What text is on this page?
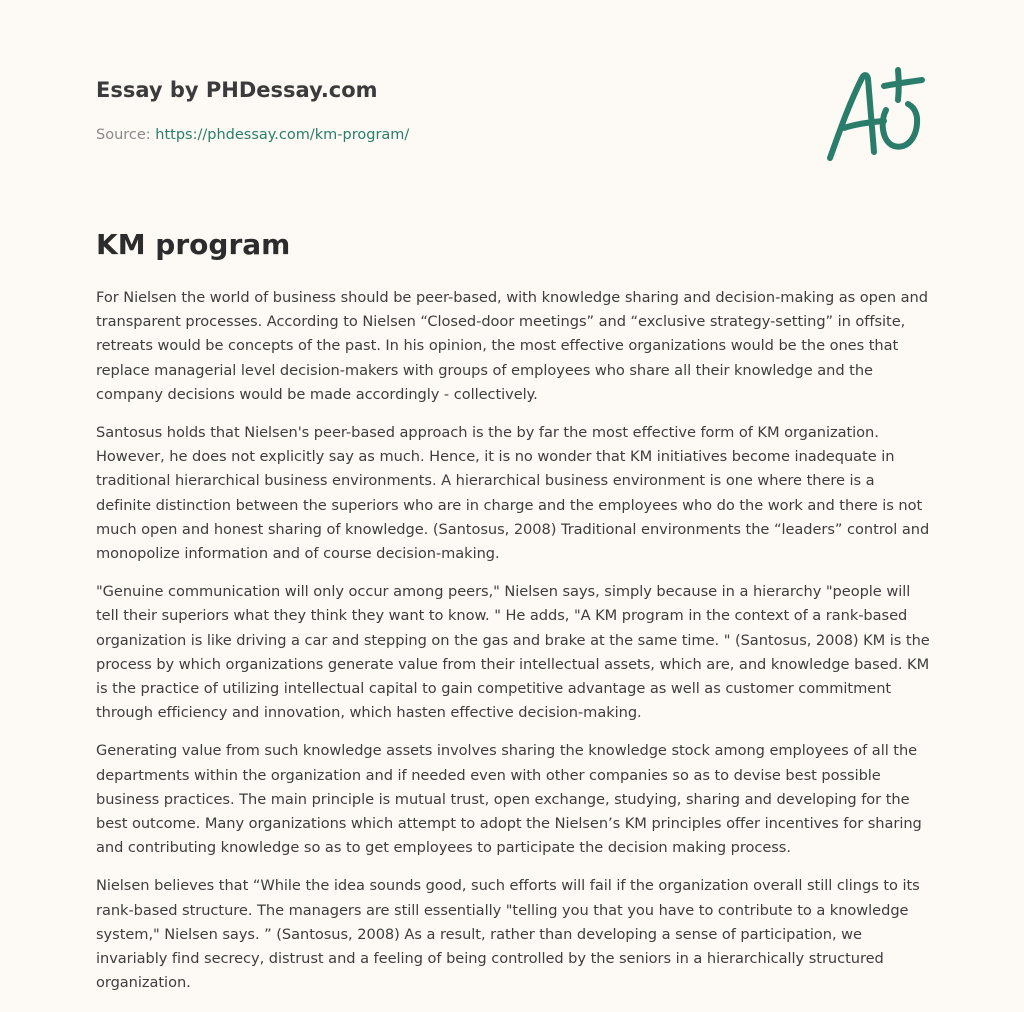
Essay by PHDessay.com
Source: https://phdessay.com/km-program/
KM program

For Nielsen the world of business should be peer-based, with knowledge sharing and decision-making as open and transparent processes. According to Nielsen “Closed-door meetings” and “exclusive strategy-setting” in offsite, retreats would be concepts of the past. In his opinion, the most effective organizations would be the ones that replace managerial level decision-makers with groups of employees who share all their knowledge and the company decisions would be made accordingly - collectively.

Santosus holds that Nielsen's peer-based approach is the by far the most effective form of KM organization. However, he does not explicitly say as much. Hence, it is no wonder that KM initiatives become inadequate in traditional hierarchical business environments. A hierarchical business environment is one where there is a definite distinction between the superiors who are in charge and the employees who do the work and there is not much open and honest sharing of knowledge. (Santosus, 2008) Traditional environments the “leaders” control and monopolize information and of course decision-making.

"Genuine communication will only occur among peers," Nielsen says, simply because in a hierarchy "people will tell their superiors what they think they want to know. " He adds, "A KM program in the context of a rank-based organization is like driving a car and stepping on the gas and brake at the same time. " (Santosus, 2008) KM is the process by which organizations generate value from their intellectual assets, which are, and knowledge based. KM is the practice of utilizing intellectual capital to gain competitive advantage as well as customer commitment through efficiency and innovation, which hasten effective decision-making.

Generating value from such knowledge assets involves sharing the knowledge stock among employees of all the departments within the organization and if needed even with other companies so as to devise best possible business practices. The main principle is mutual trust, open exchange, studying, sharing and developing for the best outcome. Many organizations which attempt to adopt the Nielsen’s KM principles offer incentives for sharing and contributing knowledge so as to get employees to participate the decision making process.

Nielsen believes that “While the idea sounds good, such efforts will fail if the organization overall still clings to its rank-based structure. The managers are still essentially "telling you that you have to contribute to a knowledge system," Nielsen says. ” (Santosus, 2008) As a result, rather than developing a sense of participation, we invariably find secrecy, distrust and a feeling of being controlled by the seniors in a hierarchically structured organization.
